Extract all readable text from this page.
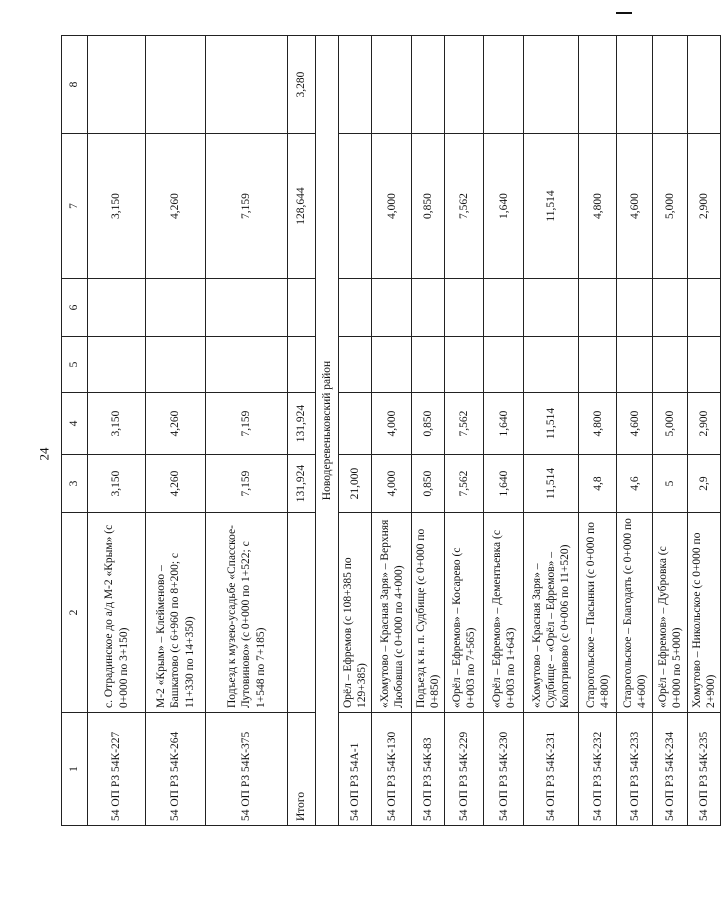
24
1	2	3	4	5	6	7	8
54 ОП РЗ 54К-227	с. Отрадинское до а/д М-2 «Крым» (с 0+000 по 3+150)	3,150	3,150			3,150	
54 ОП РЗ 54К-264	М-2 «Крым» – Клейменово – Башкатово (с 6+960 по 8+200; с 11+330 по 14+350)	4,260	4,260			4,260	
54 ОП РЗ 54К-375	Подъезд к музею-усадьбе «Спасское-Лутовиново» (с 0+000 по 1+522; с 1+548 по 7+185)	7,159	7,159			7,159	
Итого		131,924	131,924			128,644	3,280
Новодеревеньковский район							
54 ОП РЗ 54А-1	Орёл – Ефремов (с 108+385 по 129+385)	21,000					
54 ОП РЗ 54К-130	«Хомутово – Красная Заря» – Верхняя Любовша (с 0+000 по 4+000)	4,000	4,000			4,000	
54 ОП РЗ 54К-83	Подъезд к н. п. Судбище (с 0+000 по 0+850)	0,850	0,850			0,850	
54 ОП РЗ 54К-229	«Орёл – Ефремов» – Косарево (с 0+003 по 7+565)	7,562	7,562			7,562	
54 ОП РЗ 54К-230	«Орёл – Ефремов» – Дементьевка (с 0+003 по 1+643)	1,640	1,640			1,640	
54 ОП РЗ 54К-231	«Хомутово – Красная Заря» – Судбище – «Орёл – Ефремов» – Кологривово (с 0+006 по 11+520)	11,514	11,514			11,514	
54 ОП РЗ 54К-232	Старогольское – Пасынки (с 0+000 по 4+800)	4,8	4,800			4,800	
54 ОП РЗ 54К-233	Старогольское – Благодать (с 0+000 по 4+600)	4,6	4,600			4,600	
54 ОП РЗ 54К-234	«Орёл – Ефремов» – Дубровка (с 0+000 по 5+000)	5	5,000			5,000	
54 ОП РЗ 54К-235	Хомутово – Никольское (с 0+000 по 2+900)	2,9	2,900			2,900	
